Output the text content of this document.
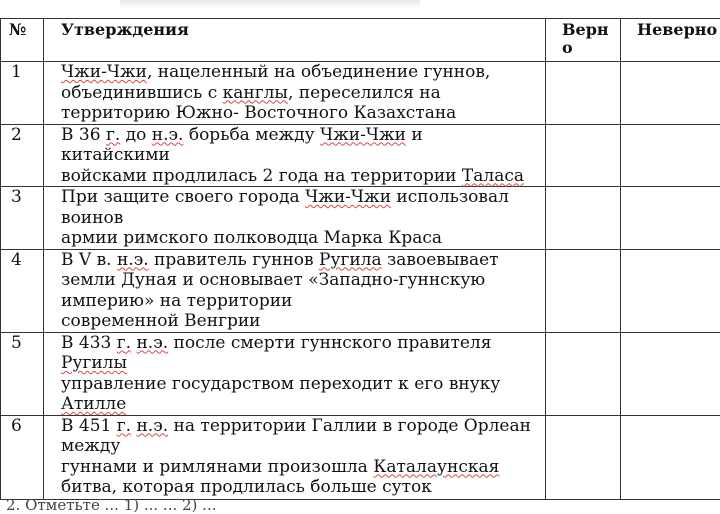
№	Утверждения	Верно	Неверно
1	Чжи-Чжи, нацеленный на объединение гуннов,
объединившись с канглы, переселился на
территорию Южно- Восточного Казахстана		

2	В 36 г. до н.э. борьба между Чжи-Чжи и
китайскими
войсками продлилась 2 года на территории Таласа		

3	При защите своего города Чжи-Чжи использовал
воинов
армии римского полководца Марка Краса		

4	В V в. н.э. правитель гуннов Ругила завоевывает
земли Дуная и основывает «Западно-гуннскую
империю» на территории
современной Венгрии		

5	В 433 г. н.э. после смерти гуннского правителя
Ругилы
управление государством переходит к его внуку
Атилле		

6	В 451 г. н.э. на территории Галлии в городе Орлеан
между
гуннами и римлянами произошла Каталаунская
битва, которая продлилась больше суток		

2. Отметьте ... 1) ... ... 2) ...
